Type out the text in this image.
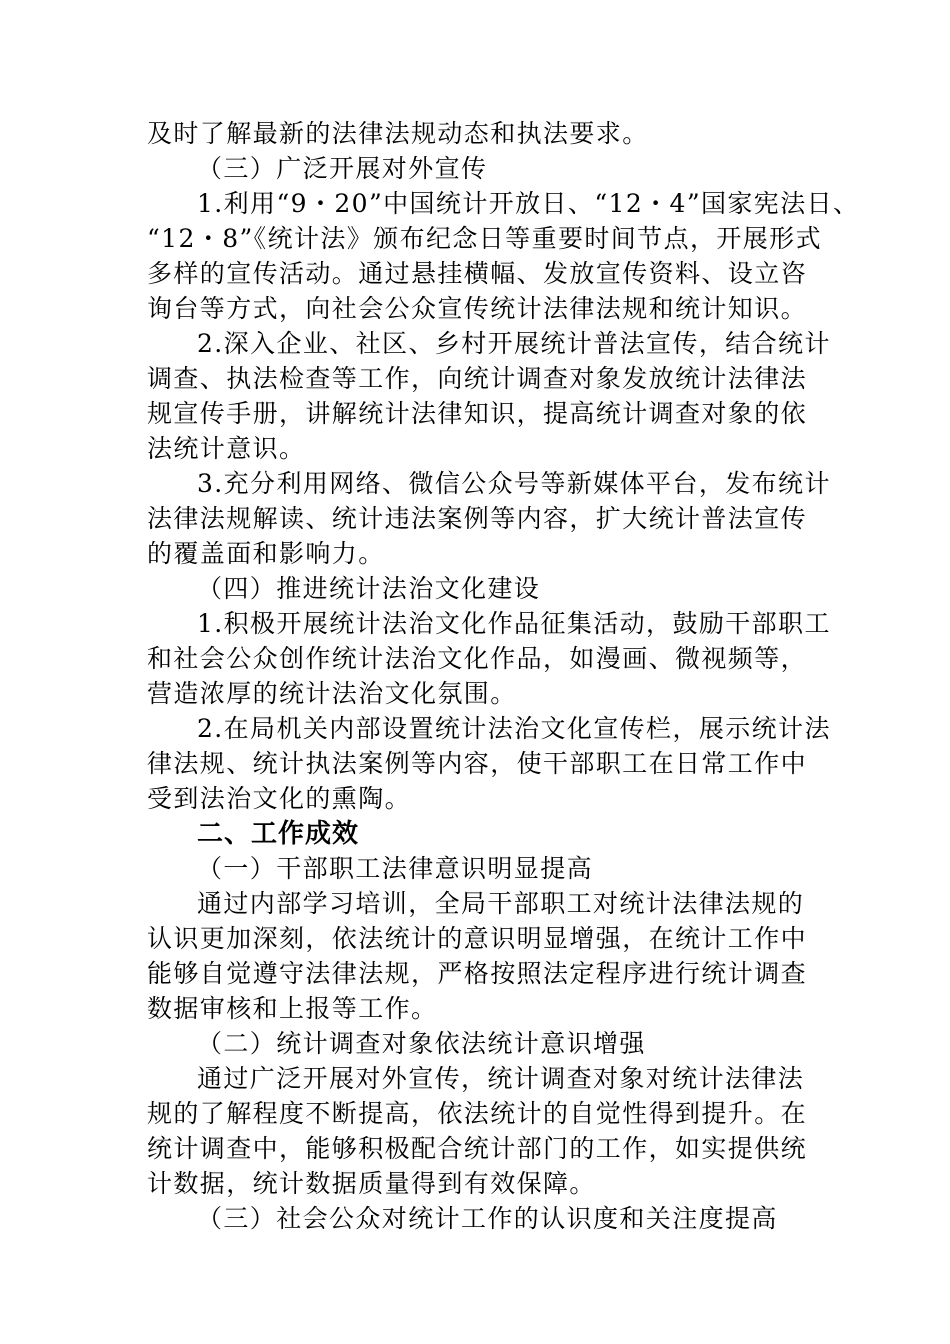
及时了解最新的法律法规动态和执法要求。
（三）广泛开展对外宣传
1.利用“9・20”中国统计开放日、“12・4”国家宪法日、
“12・8”《统计法》颁布纪念日等重要时间节点，开展形式
多样的宣传活动。通过悬挂横幅、发放宣传资料、设立咨
询台等方式，向社会公众宣传统计法律法规和统计知识。
2.深入企业、社区、乡村开展统计普法宣传，结合统计
调查、执法检查等工作，向统计调查对象发放统计法律法
规宣传手册，讲解统计法律知识，提高统计调查对象的依
法统计意识。
3.充分利用网络、微信公众号等新媒体平台，发布统计
法律法规解读、统计违法案例等内容，扩大统计普法宣传
的覆盖面和影响力。
（四）推进统计法治文化建设
1.积极开展统计法治文化作品征集活动，鼓励干部职工
和社会公众创作统计法治文化作品，如漫画、微视频等，
营造浓厚的统计法治文化氛围。
2.在局机关内部设置统计法治文化宣传栏，展示统计法
律法规、统计执法案例等内容，使干部职工在日常工作中
受到法治文化的熏陶。
二、工作成效
（一）干部职工法律意识明显提高
通过内部学习培训，全局干部职工对统计法律法规的
认识更加深刻，依法统计的意识明显增强，在统计工作中
能够自觉遵守法律法规，严格按照法定程序进行统计调查
数据审核和上报等工作。
（二）统计调查对象依法统计意识增强
通过广泛开展对外宣传，统计调查对象对统计法律法
规的了解程度不断提高，依法统计的自觉性得到提升。在
统计调查中，能够积极配合统计部门的工作，如实提供统
计数据，统计数据质量得到有效保障。
（三）社会公众对统计工作的认识度和关注度提高
